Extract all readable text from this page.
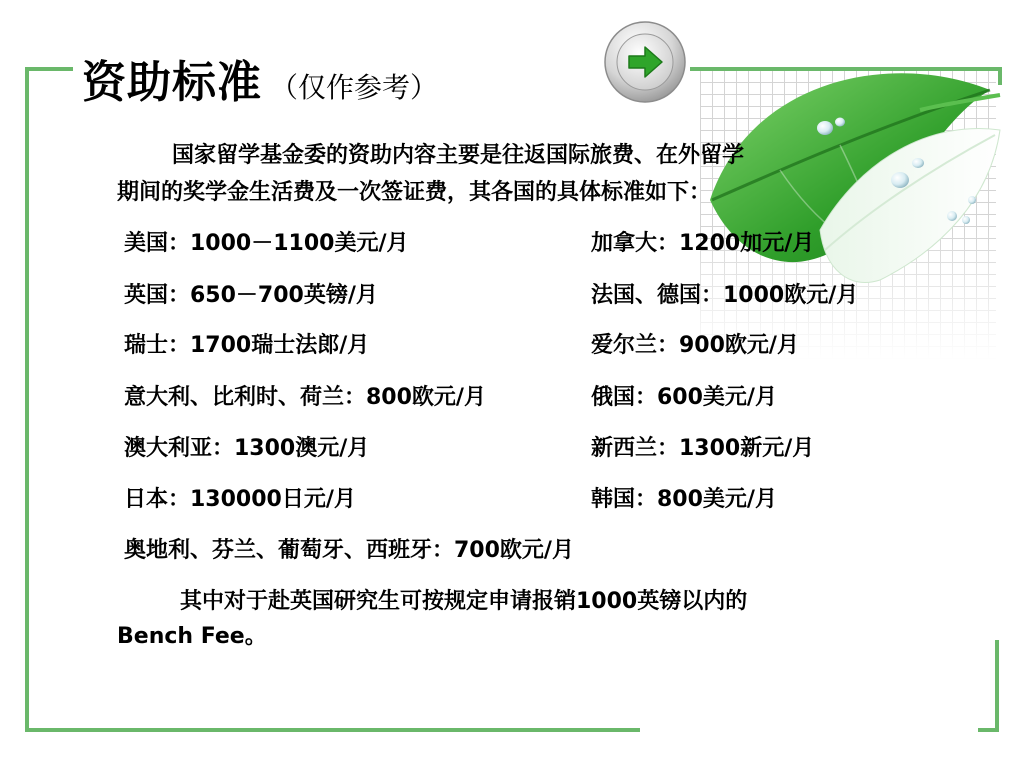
资助标准 （仅作参考）
国家留学基金委的资助内容主要是往返国际旅费、在外留学
期间的奖学金生活费及一次签证费，其各国的具体标准如下：
美国：1000－1100美元/月	加拿大：1200加元/月
英国：650－700英镑/月	法国、德国：1000欧元/月
瑞士：1700瑞士法郎/月	爱尔兰：900欧元/月
意大利、比利时、荷兰：800欧元/月	俄国：600美元/月
澳大利亚：1300澳元/月	新西兰：1300新元/月
日本：130000日元/月	韩国：800美元/月
奥地利、芬兰、葡萄牙、西班牙：700欧元/月
其中对于赴英国研究生可按规定申请报销1000英镑以内的
Bench Fee。
